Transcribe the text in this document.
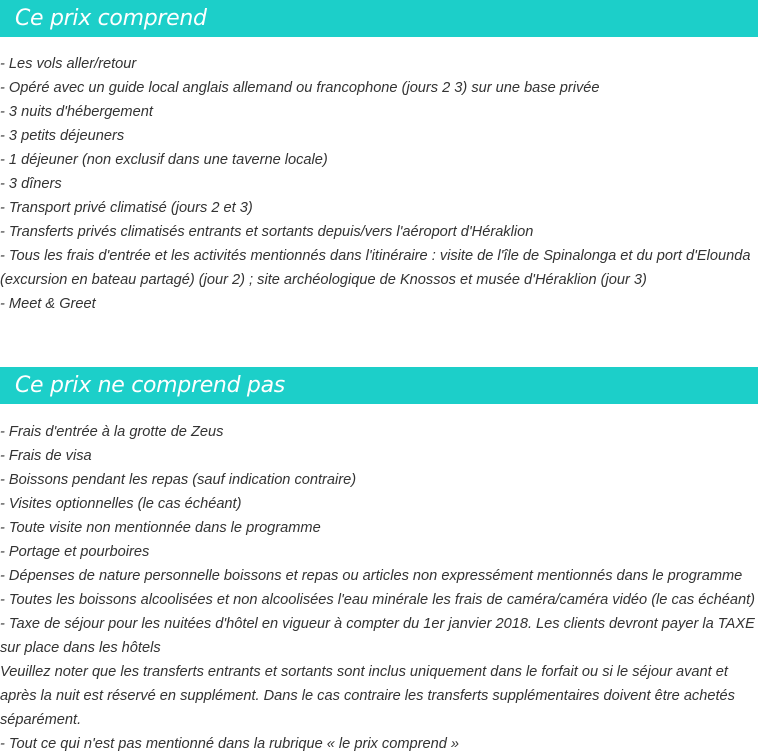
Ce prix comprend
- Les vols aller/retour
- Opéré avec un guide local anglais allemand ou francophone (jours 2 3) sur une base privée
- 3 nuits d'hébergement
- 3 petits déjeuners
- 1 déjeuner (non exclusif dans une taverne locale)
- 3 dîners
- Transport privé climatisé (jours 2 et 3)
- Transferts privés climatisés entrants et sortants depuis/vers l'aéroport d'Héraklion
- Tous les frais d'entrée et les activités mentionnés dans l'itinéraire : visite de l'île de Spinalonga et du port d'Elounda (excursion en bateau partagé) (jour 2) ; site archéologique de Knossos et musée d'Héraklion (jour 3)
- Meet & Greet
Ce prix ne comprend pas
- Frais d'entrée à la grotte de Zeus
- Frais de visa
- Boissons pendant les repas (sauf indication contraire)
- Visites optionnelles (le cas échéant)
- Toute visite non mentionnée dans le programme
- Portage et pourboires
- Dépenses de nature personnelle boissons et repas ou articles non expressément mentionnés dans le programme
- Toutes les boissons alcoolisées et non alcoolisées l'eau minérale les frais de caméra/caméra vidéo (le cas échéant)
- Taxe de séjour pour les nuitées d'hôtel en vigueur à compter du 1er janvier 2018. Les clients devront payer la TAXE sur place dans les hôtels
Veuillez noter que les transferts entrants et sortants sont inclus uniquement dans le forfait ou si le séjour avant et après la nuit est réservé en supplément. Dans le cas contraire les transferts supplémentaires doivent être achetés séparément.
- Tout ce qui n'est pas mentionné dans la rubrique « le prix comprend »
